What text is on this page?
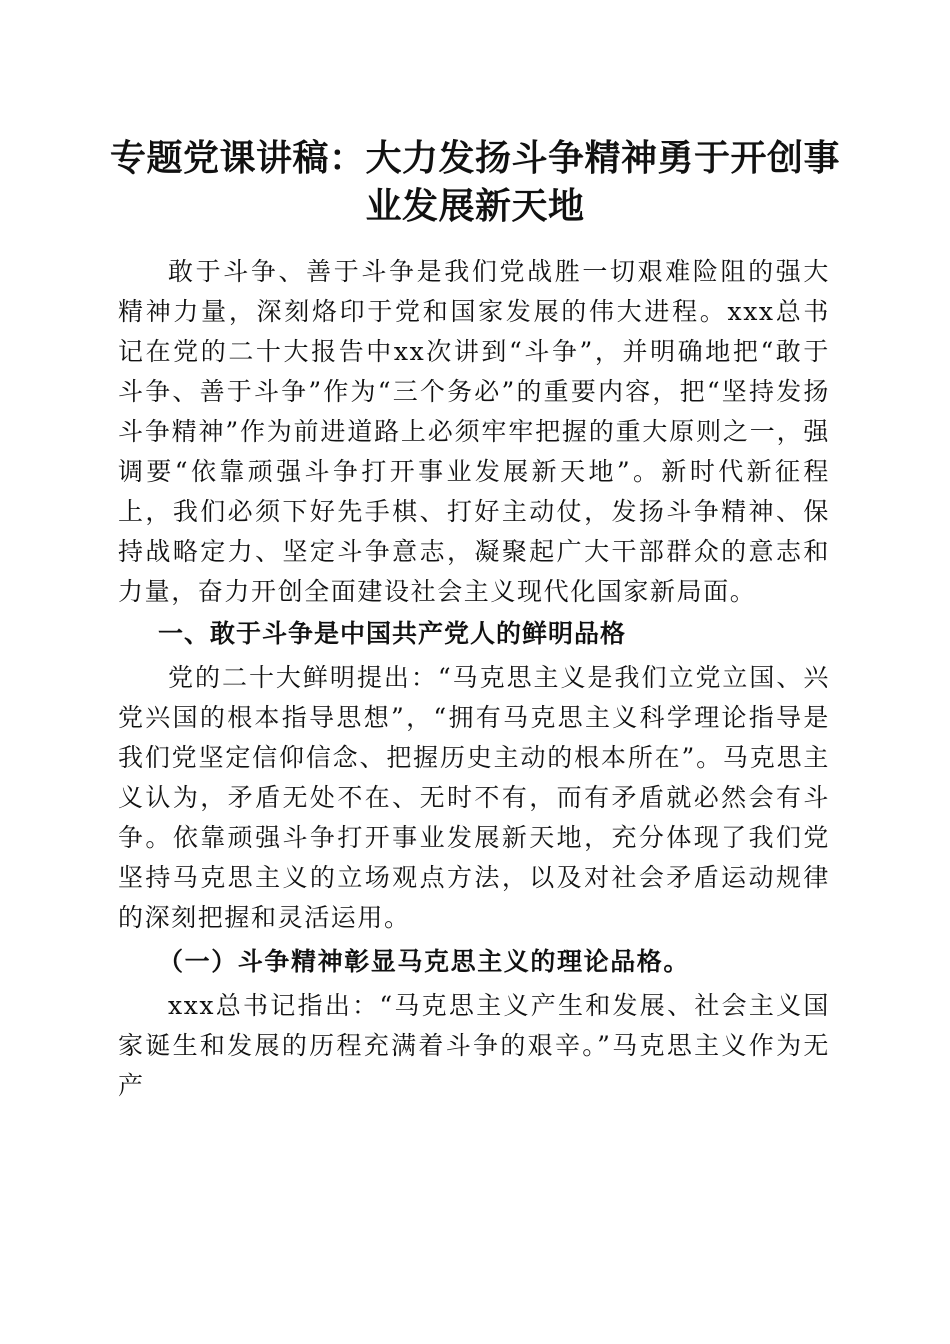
专题党课讲稿：大力发扬斗争精神勇于开创事业发展新天地

敢于斗争、善于斗争是我们党战胜一切艰难险阻的强大精神力量，深刻烙印于党和国家发展的伟大进程。xxx总书记在党的二十大报告中xx次讲到“斗争”，并明确地把“敢于斗争、善于斗争”作为“三个务必”的重要内容，把“坚持发扬斗争精神”作为前进道路上必须牢牢把握的重大原则之一，强调要“依靠顽强斗争打开事业发展新天地”。新时代新征程上，我们必须下好先手棋、打好主动仗，发扬斗争精神、保持战略定力、坚定斗争意志，凝聚起广大干部群众的意志和力量，奋力开创全面建设社会主义现代化国家新局面。

一、敢于斗争是中国共产党人的鲜明品格

党的二十大鲜明提出：“马克思主义是我们立党立国、兴党兴国的根本指导思想”，“拥有马克思主义科学理论指导是我们党坚定信仰信念、把握历史主动的根本所在”。马克思主义认为，矛盾无处不在、无时不有，而有矛盾就必然会有斗争。依靠顽强斗争打开事业发展新天地，充分体现了我们党坚持马克思主义的立场观点方法，以及对社会矛盾运动规律的深刻把握和灵活运用。

（一）斗争精神彰显马克思主义的理论品格。

xxx总书记指出：“马克思主义产生和发展、社会主义国家诞生和发展的历程充满着斗争的艰辛。”马克思主义作为无产
